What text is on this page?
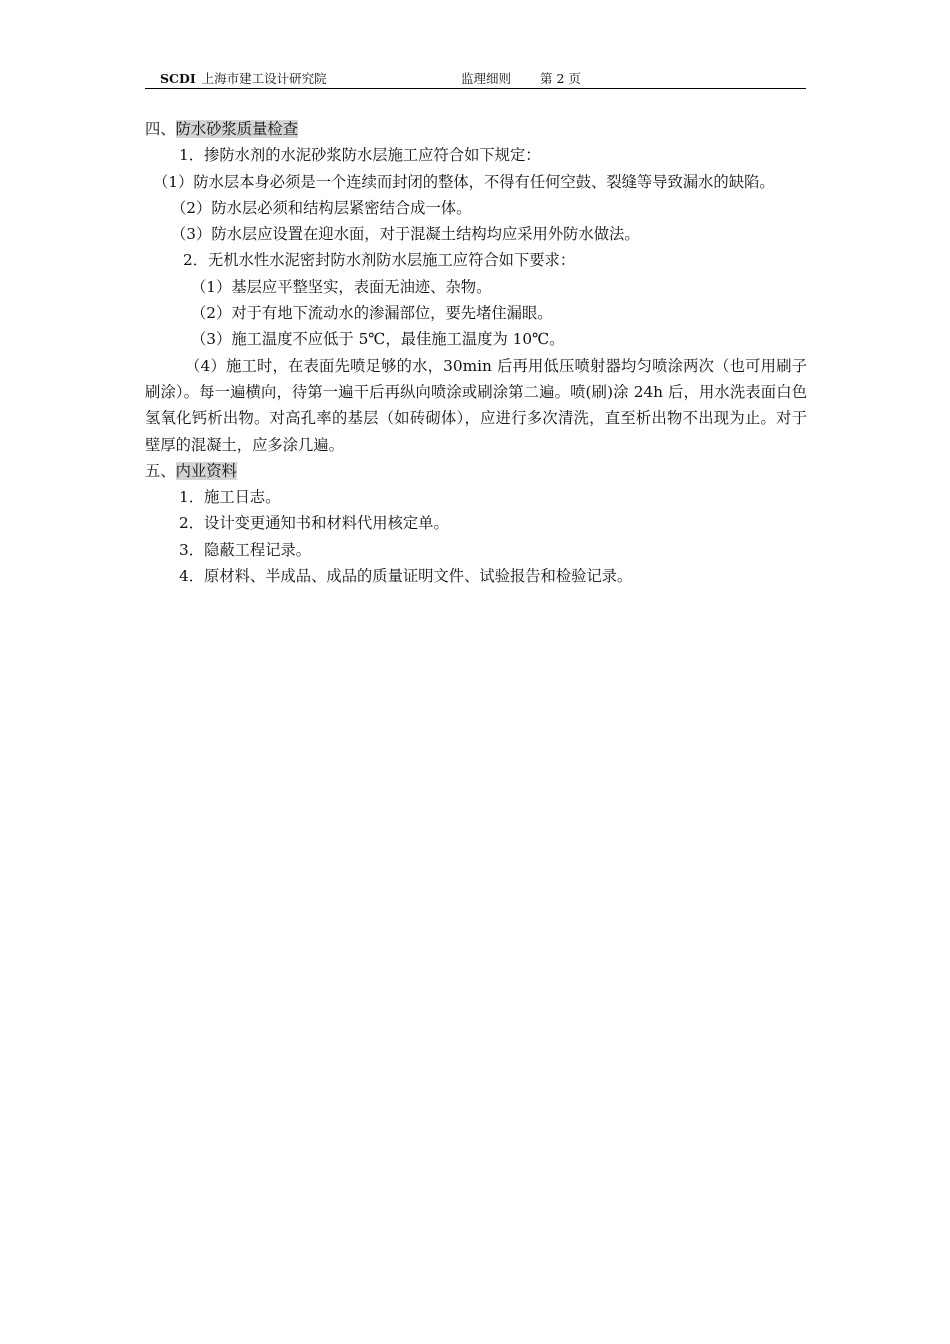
SCDI 上海市建工设计研究院	监理细则 第 2 页
四、防水砂浆质量检查
1．掺防水剂的水泥砂浆防水层施工应符合如下规定：
（1）防水层本身必须是一个连续而封闭的整体，不得有任何空鼓、裂缝等导致漏水的缺陷。
（2）防水层必须和结构层紧密结合成一体。
（3）防水层应设置在迎水面，对于混凝土结构均应采用外防水做法。
2．无机水性水泥密封防水剂防水层施工应符合如下要求：
（1）基层应平整坚实，表面无油迹、杂物。
（2）对于有地下流动水的渗漏部位，要先堵住漏眼。
（3）施工温度不应低于 5℃，最佳施工温度为 10℃。
（4）施工时，在表面先喷足够的水，30min 后再用低压喷射器均匀喷涂两次（也可用刷子刷涂）。每一遍横向，待第一遍干后再纵向喷涂或刷涂第二遍。喷(刷)涂 24h 后，用水洗表面白色氢氧化钙析出物。对高孔率的基层（如砖砌体），应进行多次清洗，直至析出物不出现为止。对于壁厚的混凝土，应多涂几遍。
五、内业资料
1．施工日志。
2．设计变更通知书和材料代用核定单。
3．隐蔽工程记录。
4．原材料、半成品、成品的质量证明文件、试验报告和检验记录。
